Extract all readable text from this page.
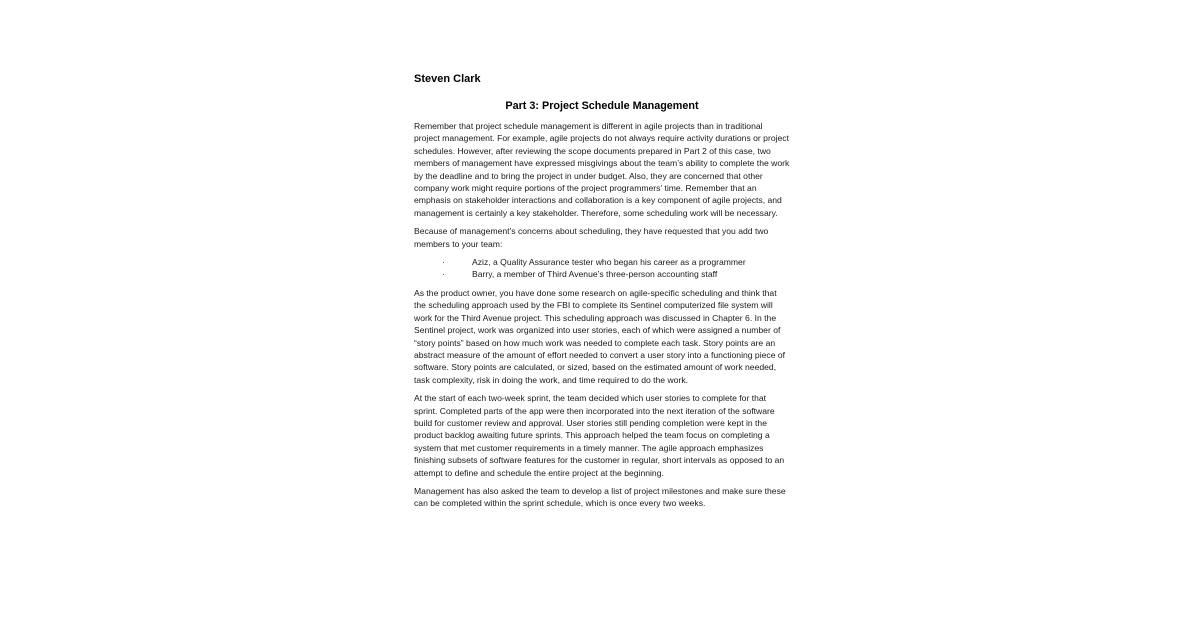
Steven Clark
Part 3: Project Schedule Management

Remember that project schedule management is different in agile projects than in traditional project management. For example, agile projects do not always require activity durations or project schedules. However, after reviewing the scope documents prepared in Part 2 of this case, two members of management have expressed misgivings about the team’s ability to complete the work by the deadline and to bring the project in under budget. Also, they are concerned that other company work might require portions of the project programmers’ time. Remember that an emphasis on stakeholder interactions and collaboration is a key component of agile projects, and management is certainly a key stakeholder. Therefore, some scheduling work will be necessary.

Because of management’s concerns about scheduling, they have requested that you add two members to your team:

·	Aziz, a Quality Assurance tester who began his career as a programmer
·	Barry, a member of Third Avenue’s three-person accounting staff

As the product owner, you have done some research on agile-specific scheduling and think that the scheduling approach used by the FBI to complete its Sentinel computerized file system will work for the Third Avenue project. This scheduling approach was discussed in Chapter 6. In the Sentinel project, work was organized into user stories, each of which were assigned a number of “story points” based on how much work was needed to complete each task. Story points are an abstract measure of the amount of effort needed to convert a user story into a functioning piece of software. Story points are calculated, or sized, based on the estimated amount of work needed, task complexity, risk in doing the work, and time required to do the work.

At the start of each two-week sprint, the team decided which user stories to complete for that sprint. Completed parts of the app were then incorporated into the next iteration of the software build for customer review and approval. User stories still pending completion were kept in the product backlog awaiting future sprints. This approach helped the team focus on completing a system that met customer requirements in a timely manner. The agile approach emphasizes finishing subsets of software features for the customer in regular, short intervals as opposed to an attempt to define and schedule the entire project at the beginning.

Management has also asked the team to develop a list of project milestones and make sure these can be completed within the sprint schedule, which is once every two weeks.
